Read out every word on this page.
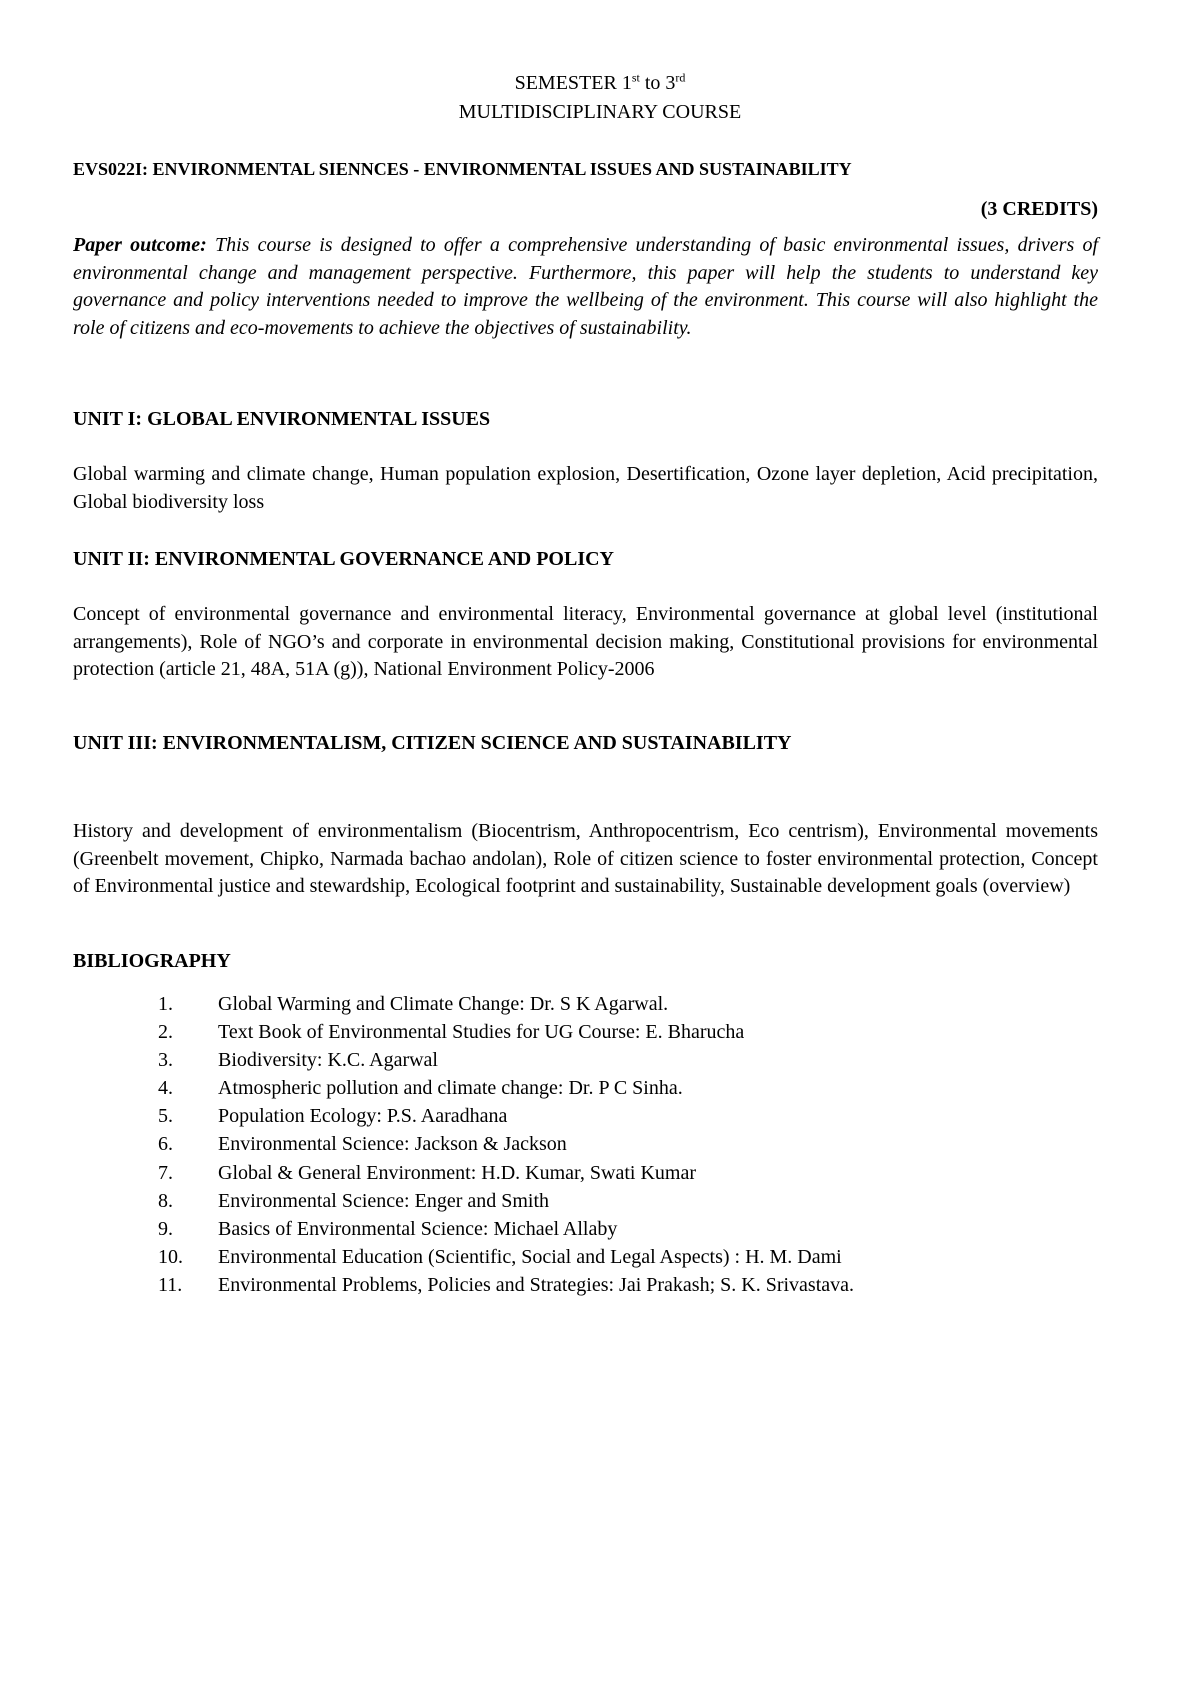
SEMESTER 1st to 3rd
MULTIDISCIPLINARY COURSE
EVS022I: ENVIRONMENTAL SIENNCES - ENVIRONMENTAL ISSUES AND SUSTAINABILITY
(3 CREDITS)
Paper outcome: This course is designed to offer a comprehensive understanding of basic environmental issues, drivers of environmental change and management perspective. Furthermore, this paper will help the students to understand key governance and policy interventions needed to improve the wellbeing of the environment. This course will also highlight the role of citizens and eco-movements to achieve the objectives of sustainability.
UNIT I: GLOBAL ENVIRONMENTAL ISSUES
Global warming and climate change, Human population explosion, Desertification, Ozone layer depletion, Acid precipitation, Global biodiversity loss
UNIT II: ENVIRONMENTAL GOVERNANCE AND POLICY
Concept of environmental governance and environmental literacy, Environmental governance at global level (institutional arrangements), Role of NGO’s and corporate in environmental decision making, Constitutional provisions for environmental protection (article 21, 48A, 51A (g)), National Environment Policy-2006
UNIT III: ENVIRONMENTALISM, CITIZEN SCIENCE AND SUSTAINABILITY
History and development of environmentalism (Biocentrism, Anthropocentrism, Eco centrism), Environmental movements (Greenbelt movement, Chipko, Narmada bachao andolan), Role of citizen science to foster environmental protection, Concept of Environmental justice and stewardship, Ecological footprint and sustainability, Sustainable development goals (overview)
BIBLIOGRAPHY
1.	Global Warming and Climate Change: Dr. S K Agarwal.
2.	Text Book of Environmental Studies for UG Course: E. Bharucha
3.	Biodiversity: K.C. Agarwal
4.	Atmospheric pollution and climate change: Dr. P C Sinha.
5.	Population Ecology: P.S. Aaradhana
6.	Environmental Science: Jackson & Jackson
7.	Global & General Environment: H.D. Kumar, Swati Kumar
8.	Environmental Science: Enger and Smith
9.	Basics of Environmental Science: Michael Allaby
10.	Environmental Education (Scientific, Social and Legal Aspects) : H. M. Dami
11.	Environmental Problems, Policies and Strategies: Jai Prakash; S. K. Srivastava.
